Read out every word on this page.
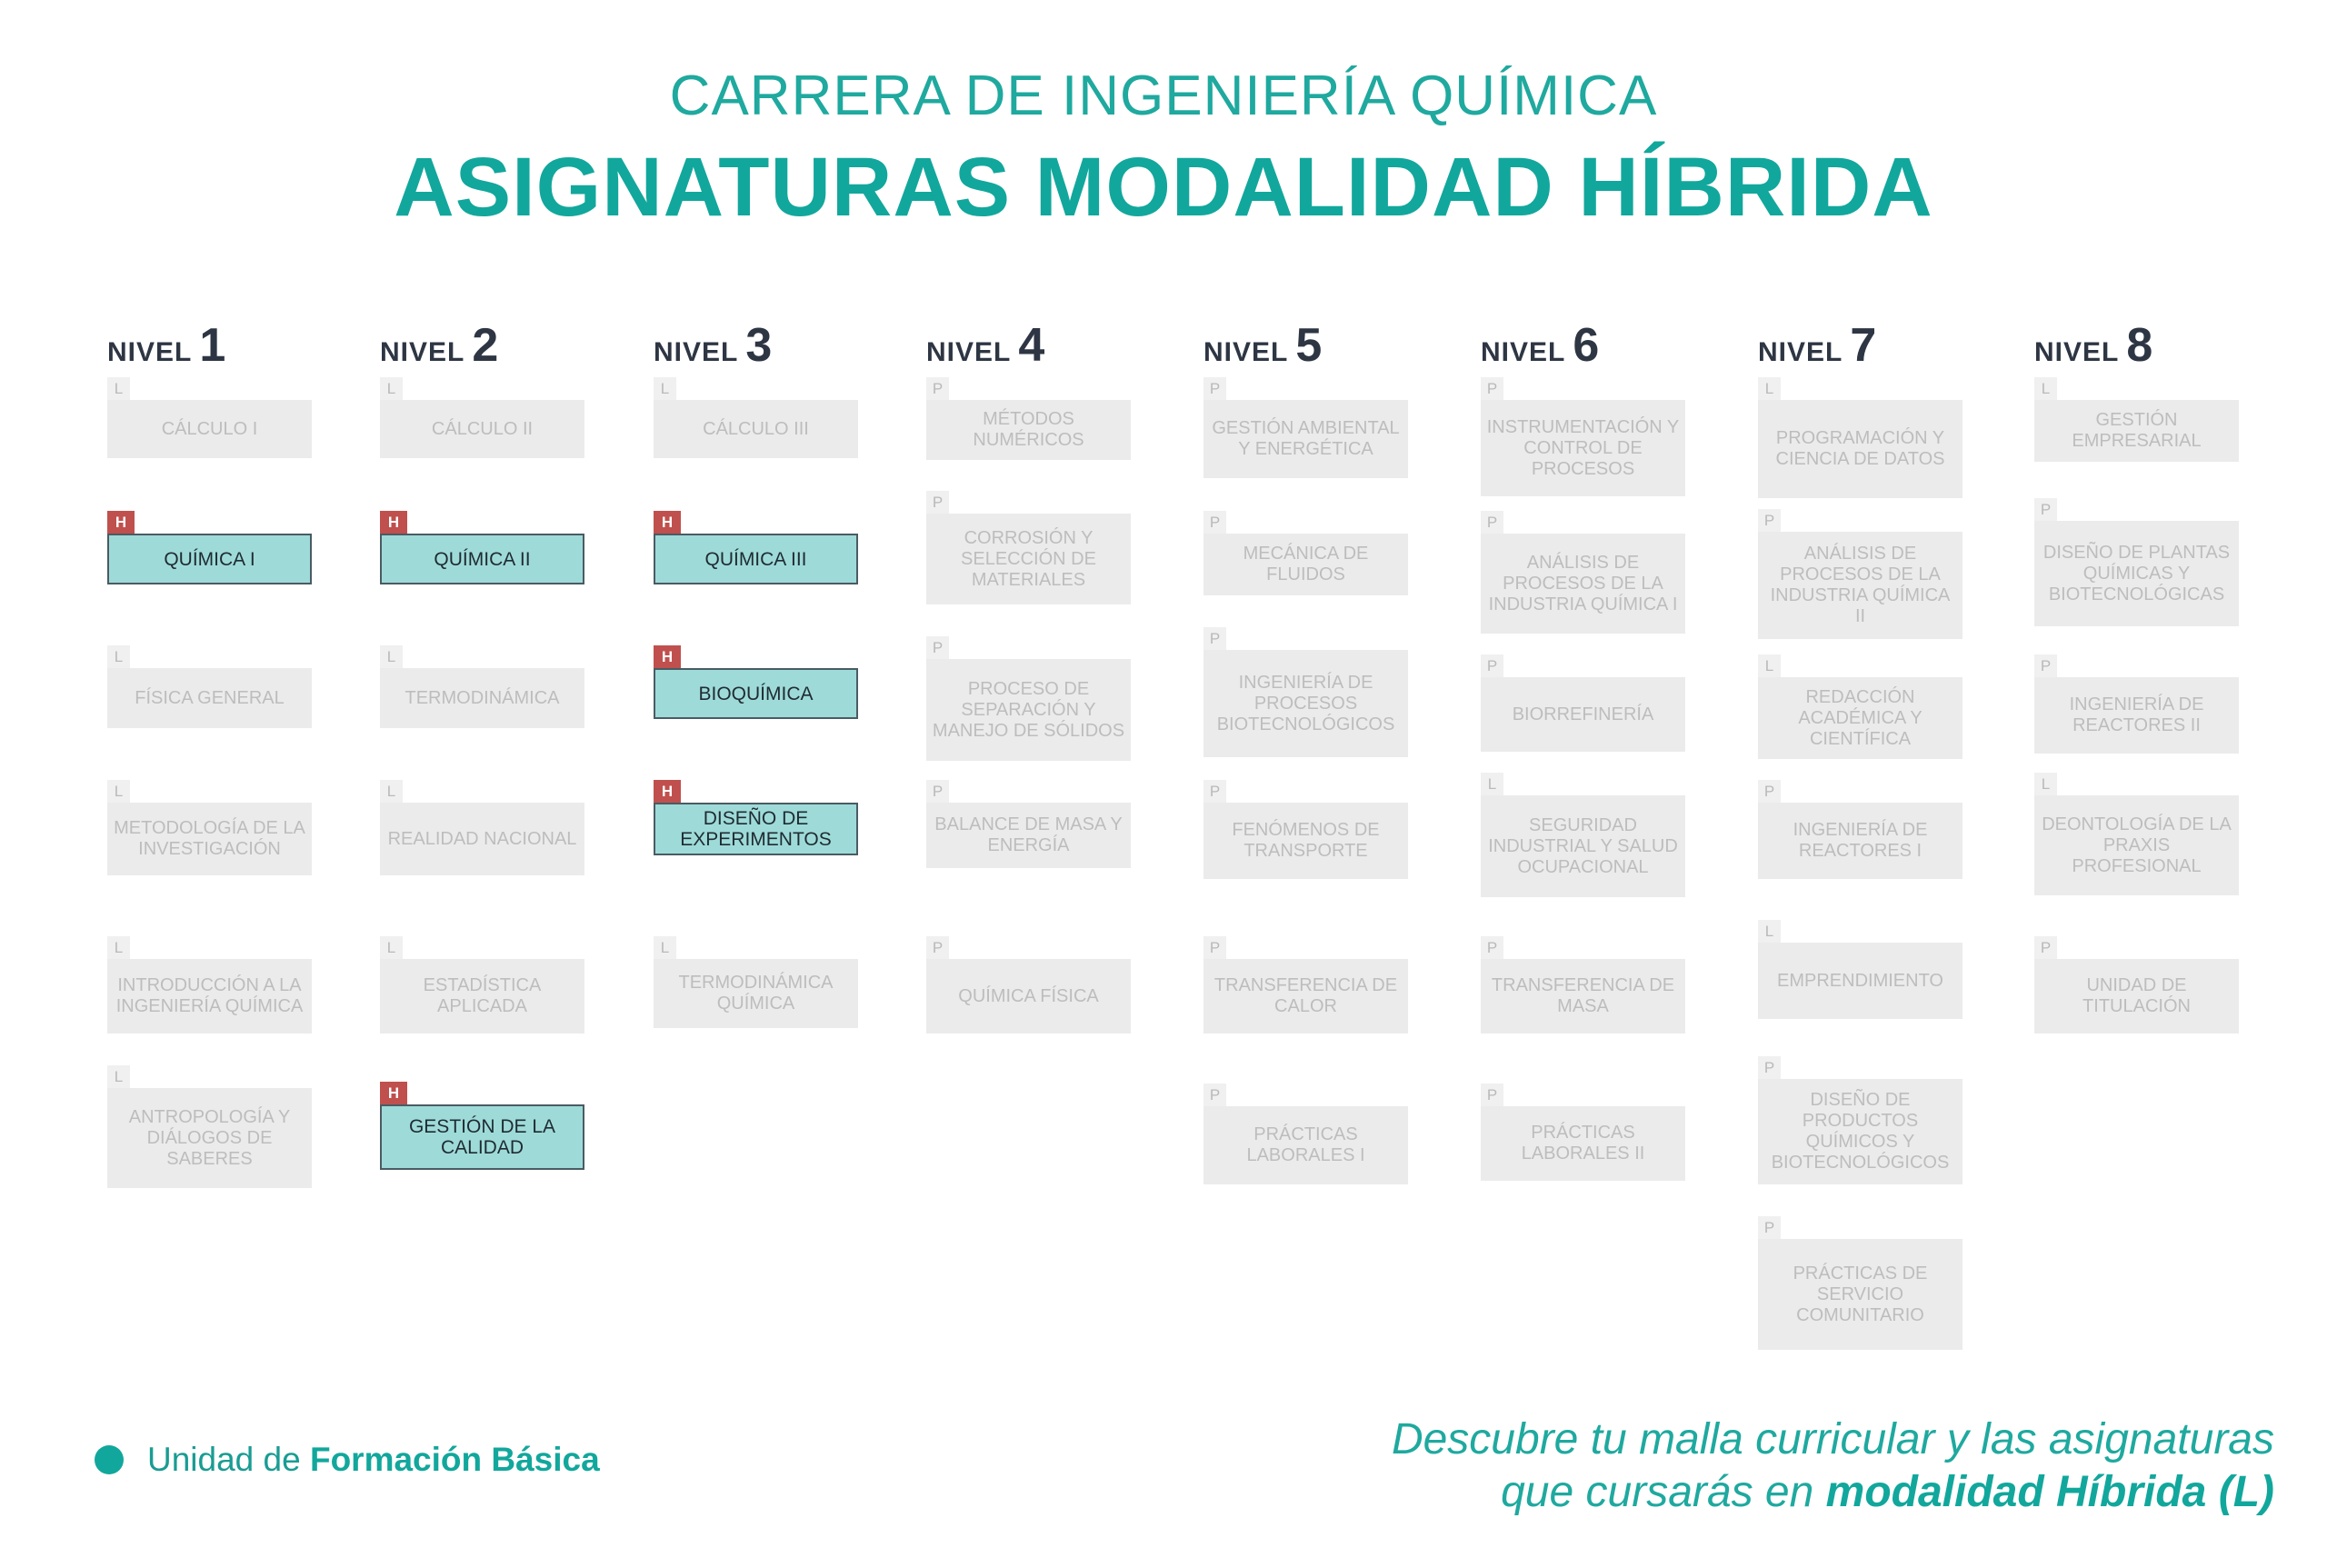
CARRERA DE INGENIERÍA QUÍMICA
ASIGNATURAS MODALIDAD HÍBRIDA
NIVEL 1
L
CÁLCULO I
H
QUÍMICA I
L
FÍSICA GENERAL
L
METODOLOGÍA DE LA INVESTIGACIÓN
L
INTRODUCCIÓN A LA INGENIERÍA QUÍMICA
L
ANTROPOLOGÍA Y DIÁLOGOS DE SABERES
NIVEL 2
L
CÁLCULO II
H
QUÍMICA II
L
TERMODINÁMICA
L
REALIDAD NACIONAL
L
ESTADÍSTICA APLICADA
H
GESTIÓN DE LA CALIDAD
NIVEL 3
L
CÁLCULO III
H
QUÍMICA III
H
BIOQUÍMICA
H
DISEÑO DE EXPERIMENTOS
L
TERMODINÁMICA QUÍMICA
NIVEL 4
P
MÉTODOS NUMÉRICOS
P
CORROSIÓN Y SELECCIÓN DE MATERIALES
P
PROCESO DE SEPARACIÓN Y MANEJO DE SÓLIDOS
P
BALANCE DE MASA Y ENERGÍA
P
QUÍMICA FÍSICA
NIVEL 5
P
GESTIÓN AMBIENTAL Y ENERGÉTICA
P
MECÁNICA DE FLUIDOS
P
INGENIERÍA DE PROCESOS BIOTECNOLÓGICOS
P
FENÓMENOS DE TRANSPORTE
P
TRANSFERENCIA DE CALOR
P
PRÁCTICAS LABORALES I
NIVEL 6
P
INSTRUMENTACIÓN Y CONTROL DE PROCESOS
P
ANÁLISIS DE PROCESOS DE LA INDUSTRIA QUÍMICA I
P
BIORREFINERÍA
L
SEGURIDAD INDUSTRIAL Y SALUD OCUPACIONAL
P
TRANSFERENCIA DE MASA
P
PRÁCTICAS LABORALES II
NIVEL 7
L
PROGRAMACIÓN Y CIENCIA DE DATOS
P
ANÁLISIS DE PROCESOS DE LA INDUSTRIA QUÍMICA II
L
REDACCIÓN ACADÉMICA Y CIENTÍFICA
P
INGENIERÍA DE REACTORES I
L
EMPRENDIMIENTO
P
DISEÑO DE PRODUCTOS QUÍMICOS Y BIOTECNOLÓGICOS
P
PRÁCTICAS DE SERVICIO COMUNITARIO
NIVEL 8
L
GESTIÓN EMPRESARIAL
P
DISEÑO DE PLANTAS QUÍMICAS Y BIOTECNOLÓGICAS
P
INGENIERÍA DE REACTORES II
L
DEONTOLOGÍA DE LA PRAXIS PROFESIONAL
P
UNIDAD DE TITULACIÓN
Unidad de Formación Básica	Descubre tu malla curricular y las asignaturas
que cursarás en modalidad Híbrida (L)
